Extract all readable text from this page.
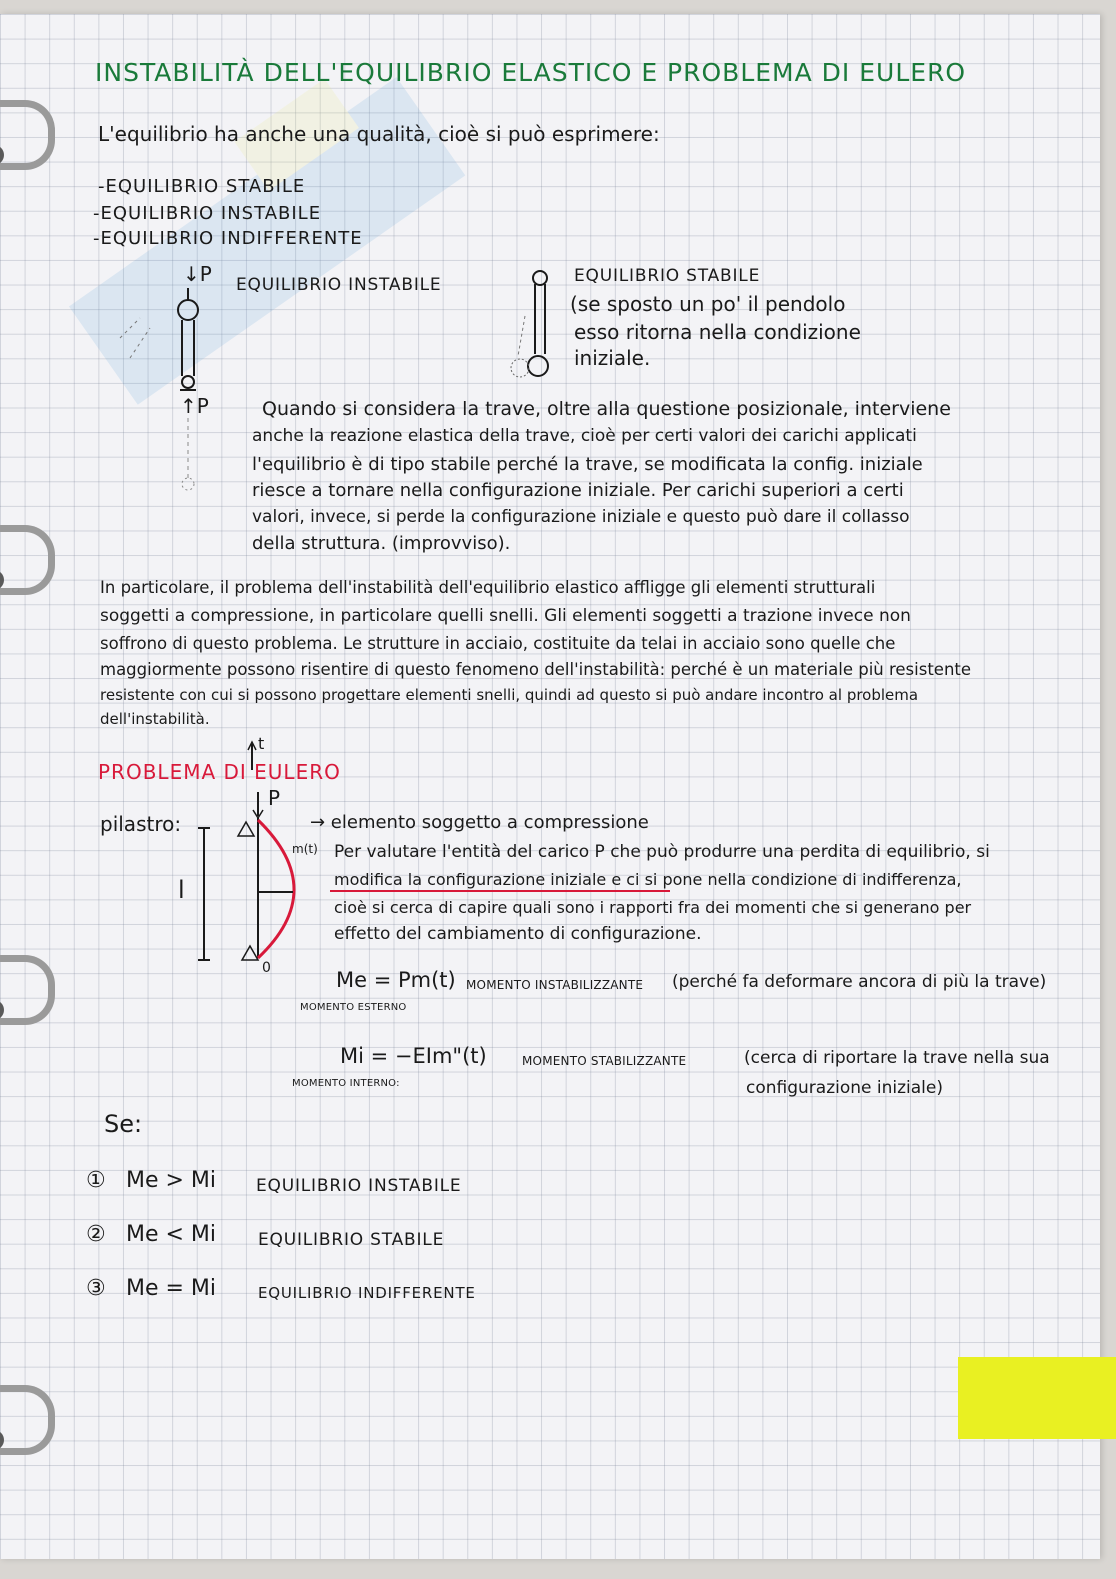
INSTABILITÀ DELL'EQUILIBRIO ELASTICO E PROBLEMA DI EULERO
L'equilibrio ha anche una qualità, cioè si può esprimere:
-EQUILIBRIO STABILE
-EQUILIBRIO INSTABILE
-EQUILIBRIO INDIFFERENTE
↓P
↑P
EQUILIBRIO INSTABILE	EQUILIBRIO STABILE
(se sposto un po' il pendolo
esso ritorna nella condizione
iniziale.
Quando si considera la trave, oltre alla questione posizionale, interviene
anche la reazione elastica della trave, cioè per certi valori dei carichi applicati
l'equilibrio è di tipo stabile perché la trave, se modificata la config. iniziale
riesce a tornare nella configurazione iniziale. Per carichi superiori a certi
valori, invece, si perde la configurazione iniziale e questo può dare il collasso
della struttura. (improvviso).
In particolare, il problema dell'instabilità dell'equilibrio elastico affligge gli elementi strutturali
soggetti a compressione, in particolare quelli snelli. Gli elementi soggetti a trazione invece non
soffrono di questo problema. Le strutture in acciaio, costituite da telai in acciaio sono quelle che
maggiormente possono risentire di questo fenomeno dell'instabilità: perché è un materiale più resistente
resistente con cui si possono progettare elementi snelli, quindi ad questo si può andare incontro al problema
dell'instabilità.
PROBLEMA DI EULERO
pilastro:
t
P
l
m(t)
0
→ elemento soggetto a compressione
Per valutare l'entità del carico P che può produrre una perdita di equilibrio, si
modifica la configurazione iniziale e ci si pone nella condizione di indifferenza,
cioè si cerca di capire quali sono i rapporti fra dei momenti che si generano per
effetto del cambiamento di configurazione.
Me = Pm(t) MOMENTO INSTABILIZZANTE (perché fa deformare ancora di più la trave)
MOMENTO ESTERNO
Mi = −EIm"(t)	MOMENTO STABILIZZANTE	(cerca di riportare la trave nella sua
configurazione iniziale)
MOMENTO INTERNO:
Se:
① Me > Mi EQUILIBRIO INSTABILE
② Me < Mi EQUILIBRIO STABILE
③ Me = Mi	EQUILIBRIO INDIFFERENTE
